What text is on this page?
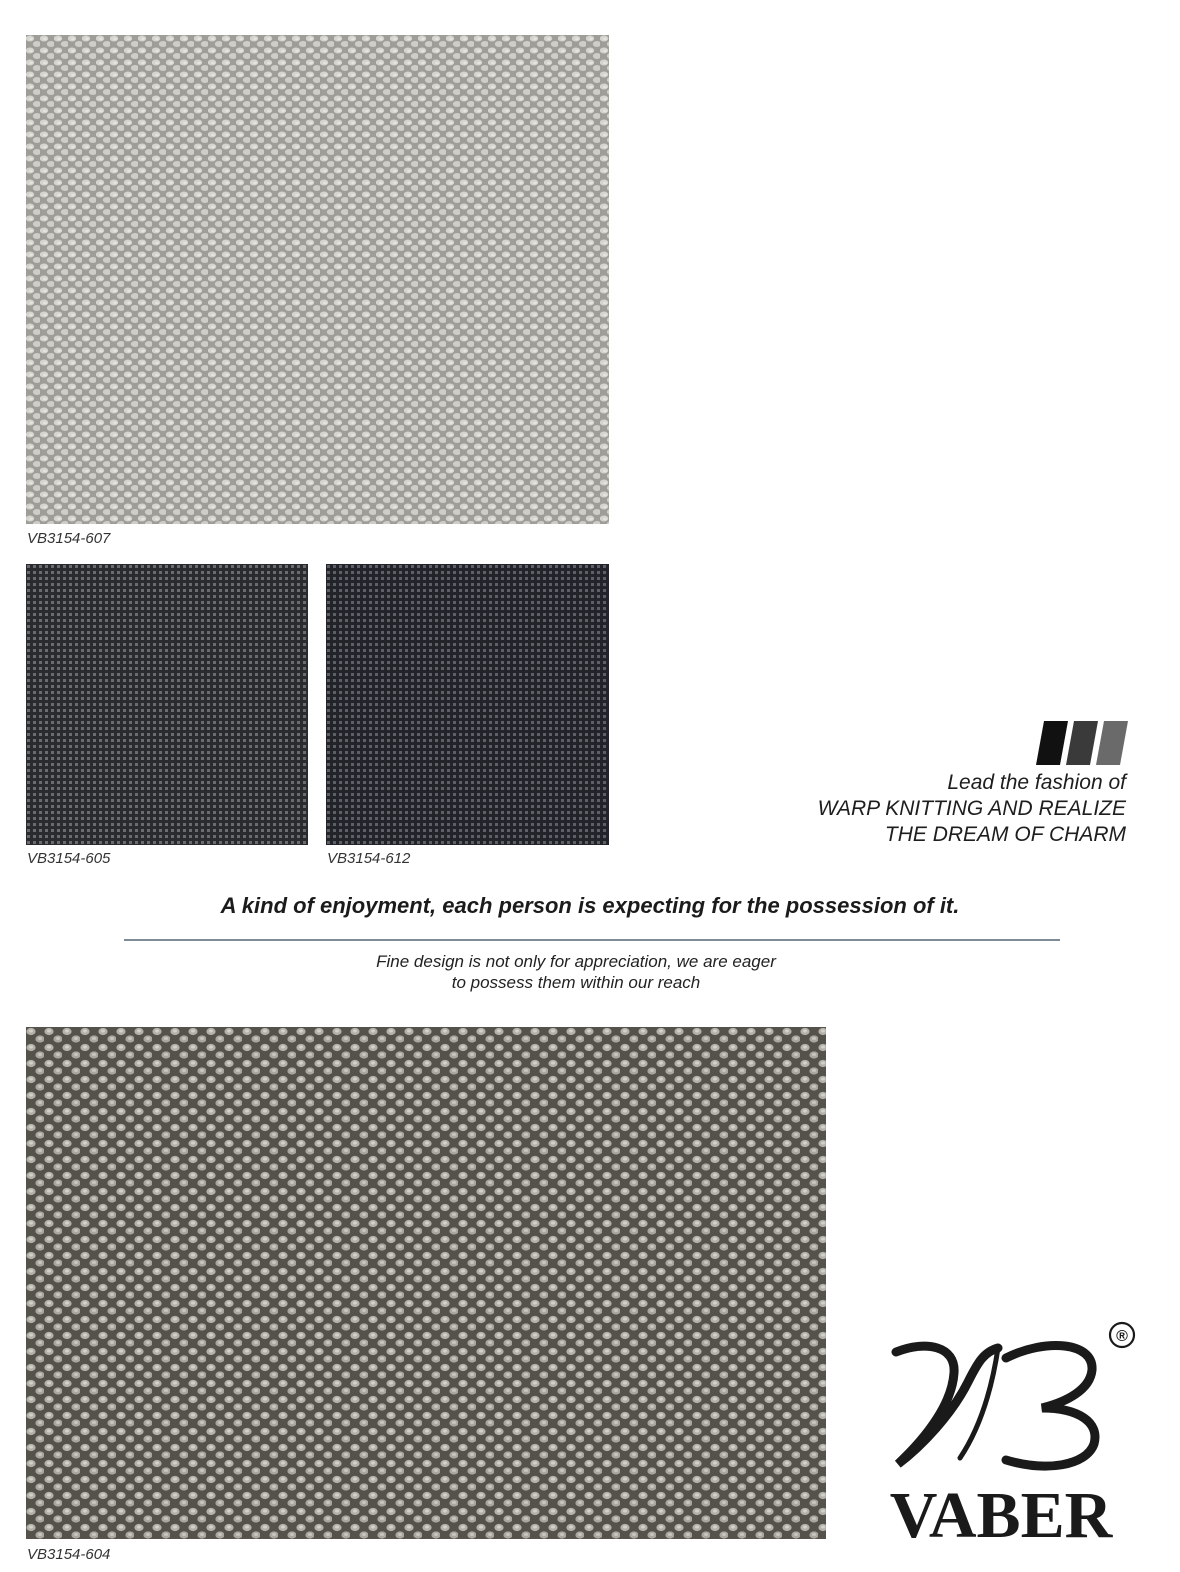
VB3154-607

VB3154-605	VB3154-612

Lead the fashion of
WARP KNITTING AND REALIZE
THE DREAM OF CHARM

A kind of enjoyment, each person is expecting for the possession of it.

Fine design is not only for appreciation, we are eager
to possess them within our reach

VB3154-604

®
VABER
